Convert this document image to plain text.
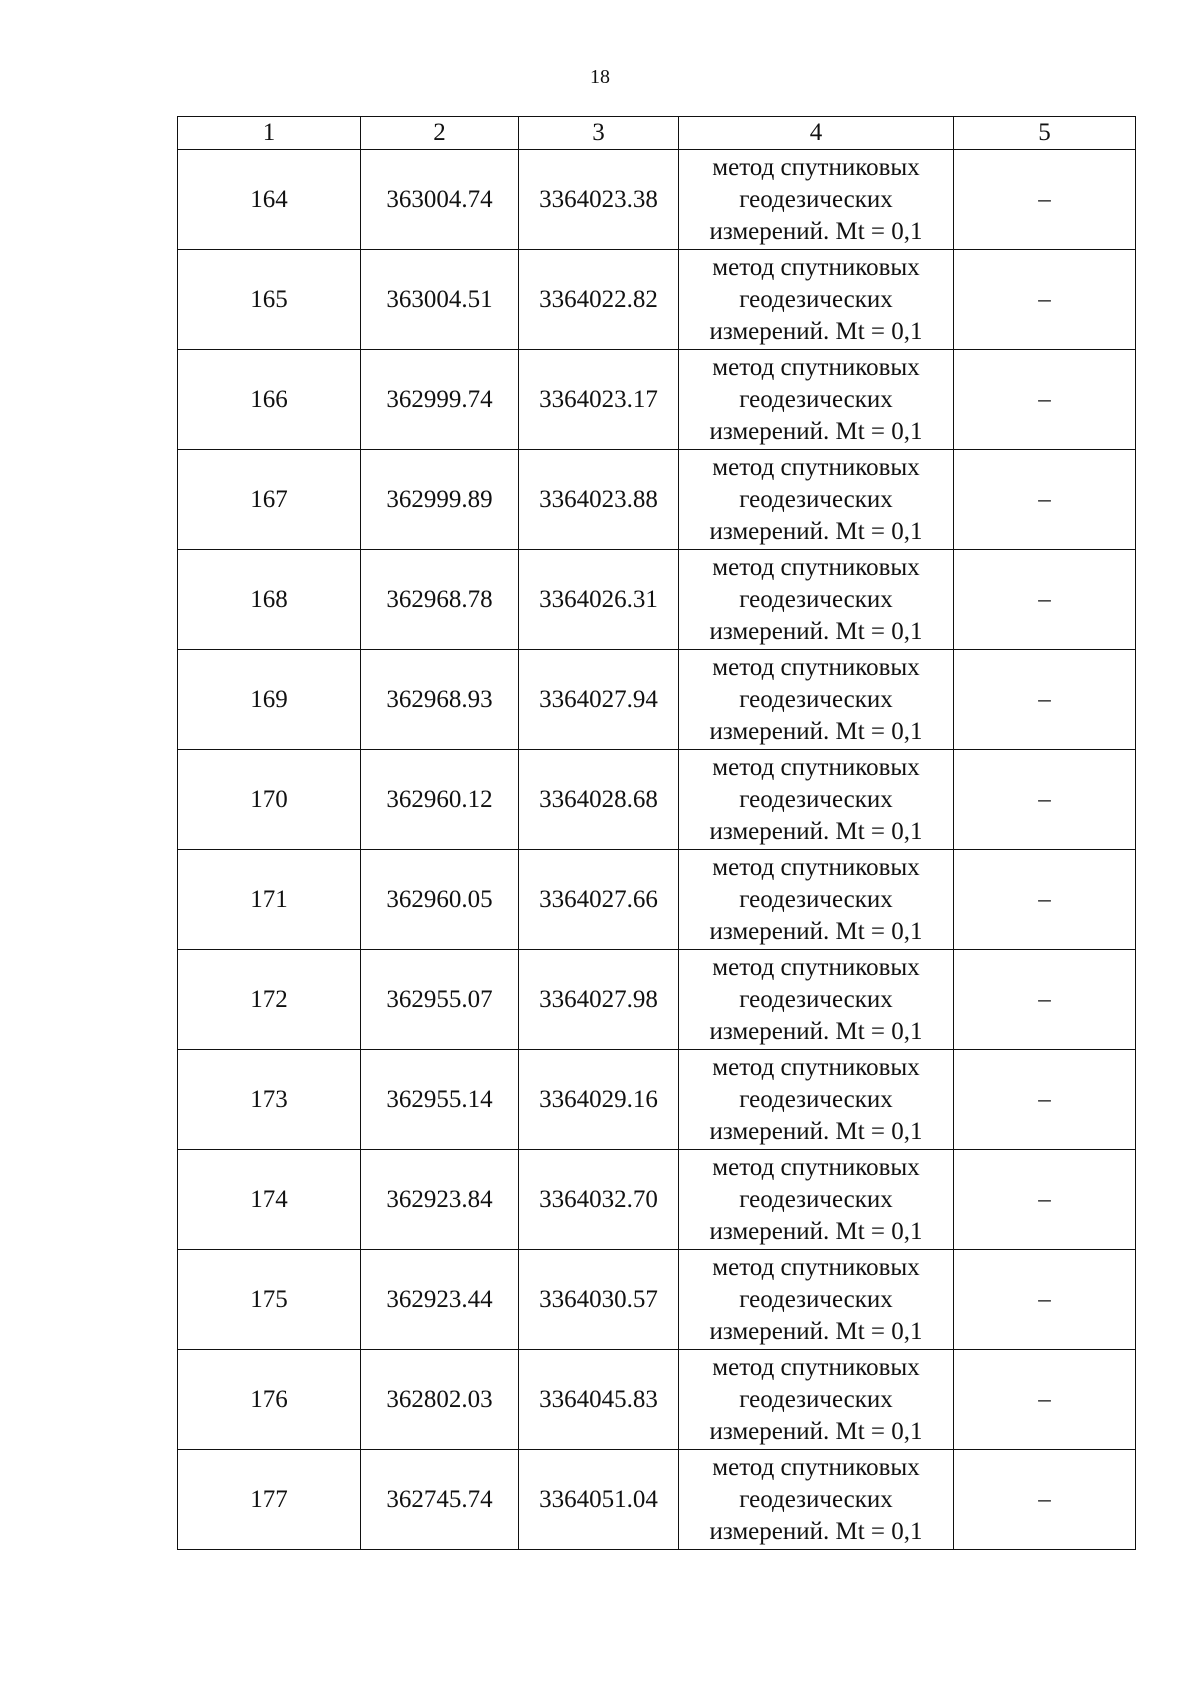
18
1	2	3	4	5
164	363004.74	3364023.38	метод спутниковых
геодезических
измерений. Mt = 0,1	–
165	363004.51	3364022.82	метод спутниковых
геодезических
измерений. Mt = 0,1	–
166	362999.74	3364023.17	метод спутниковых
геодезических
измерений. Mt = 0,1	–
167	362999.89	3364023.88	метод спутниковых
геодезических
измерений. Mt = 0,1	–
168	362968.78	3364026.31	метод спутниковых
геодезических
измерений. Mt = 0,1	–
169	362968.93	3364027.94	метод спутниковых
геодезических
измерений. Mt = 0,1	–
170	362960.12	3364028.68	метод спутниковых
геодезических
измерений. Mt = 0,1	–
171	362960.05	3364027.66	метод спутниковых
геодезических
измерений. Mt = 0,1	–
172	362955.07	3364027.98	метод спутниковых
геодезических
измерений. Mt = 0,1	–
173	362955.14	3364029.16	метод спутниковых
геодезических
измерений. Mt = 0,1	–
174	362923.84	3364032.70	метод спутниковых
геодезических
измерений. Mt = 0,1	–
175	362923.44	3364030.57	метод спутниковых
геодезических
измерений. Mt = 0,1	–
176	362802.03	3364045.83	метод спутниковых
геодезических
измерений. Mt = 0,1	–
177	362745.74	3364051.04	метод спутниковых
геодезических
измерений. Mt = 0,1	–
